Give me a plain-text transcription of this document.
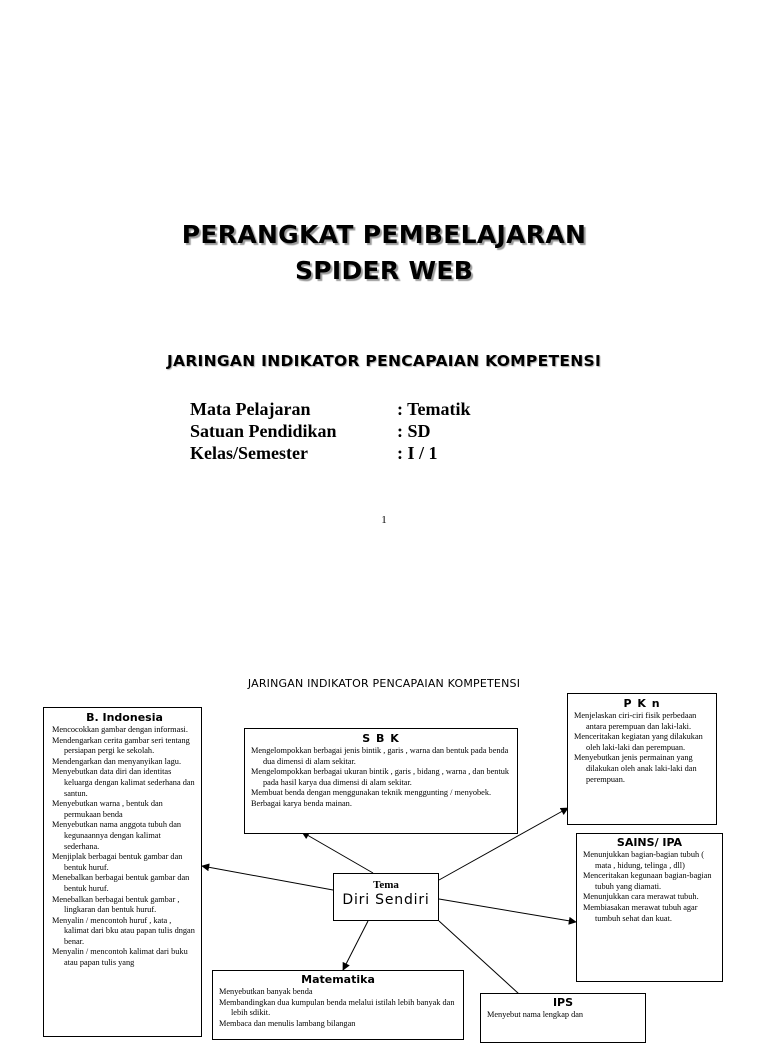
PERANGKAT PEMBELAJARAN
SPIDER WEB
JARINGAN INDIKATOR PENCAPAIAN KOMPETENSI
Mata Pelajaran	: Tematik
Satuan Pendidikan	: SD
Kelas/Semester	: I / 1
1
JARINGAN INDIKATOR PENCAPAIAN KOMPETENSI
B. Indonesia
Mencocokkan gambar dengan informasi.
Mendengarkan cerita gambar seri tentang persiapan pergi ke sekolah.
Mendengarkan dan menyanyikan lagu.
Menyebutkan data diri dan identitas keluarga dengan kalimat sederhana dan santun.
Menyebutkan warna , bentuk dan permukaan benda
Menyebutkan nama anggota tubuh dan kegunaannya dengan kalimat sederhana.
Menjiplak berbagai bentuk gambar dan bentuk huruf.
Menebalkan berbagai bentuk gambar dan bentuk huruf.
Menebalkan berbagai bentuk gambar , lingkaran dan bentuk huruf.
Menyalin / mencontoh huruf , kata , kalimat dari bku atau papan tulis dngan benar.
Menyalin / mencontoh kalimat dari buku atau papan tulis yang
S B K
Mengelompokkan berbagai jenis bintik , garis , warna dan bentuk pada benda dua dimensi di alam sekitar.
Mengelompokkan berbagai ukuran bintik , garis , bidang , warna , dan bentuk pada hasil karya dua dimensi di alam sekitar.
Membuat benda dengan menggunakan teknik menggunting / menyobek.
Berbagai karya benda mainan.
P K n
Menjelaskan ciri-ciri fisik perbedaan antara perempuan dan laki-laki.
Menceritakan kegiatan yang dilakukan oleh laki-laki dan perempuan.
Menyebutkan jenis permainan yang dilakukan oleh anak laki-laki dan perempuan.
SAINS/ IPA
Menunjukkan bagian-bagian tubuh ( mata , hidung, telinga , dll)
Menceritakan kegunaan bagian-bagian tubuh yang diamati.
Menunjukkan cara merawat tubuh.
Membiasakan merawat tubuh agar tumbuh sehat dan kuat.
Tema
Diri Sendiri
Matematika
Menyebutkan banyak benda
Membandingkan dua kumpulan benda melalui istilah lebih banyak dan lebih sdikit.
Membaca dan menulis lambang bilangan
IPS
Menyebut nama lengkap dan
